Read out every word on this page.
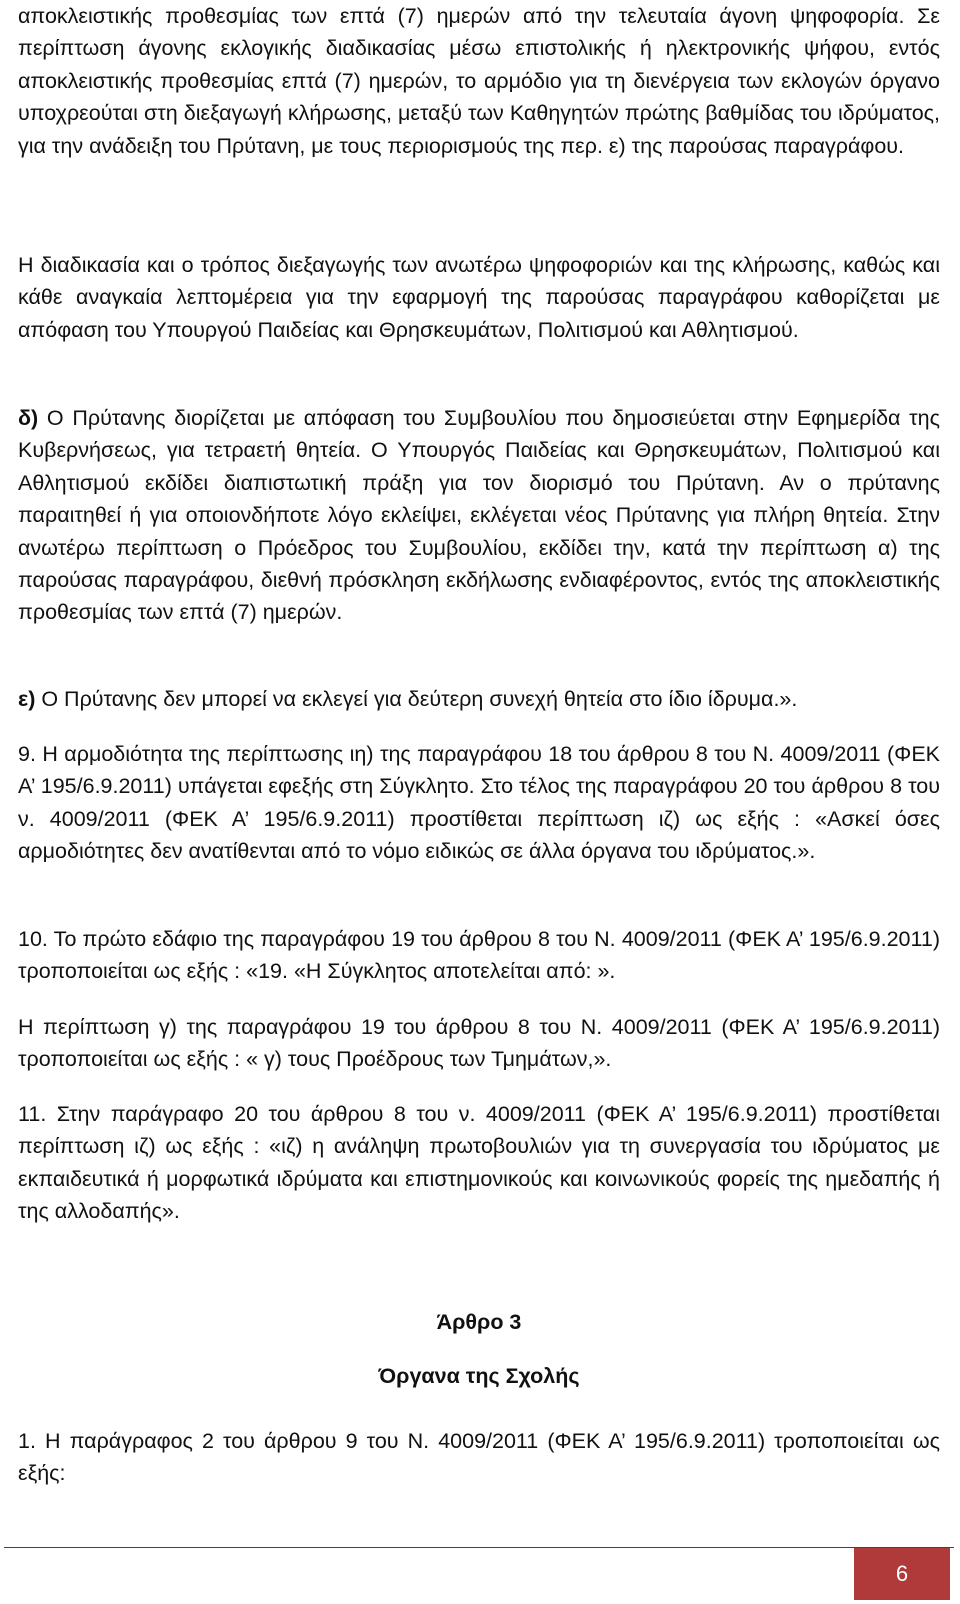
αποκλειστικής προθεσμίας των επτά (7) ημερών από την τελευταία άγονη ψηφοφορία. Σε περίπτωση άγονης εκλογικής διαδικασίας μέσω επιστολικής ή ηλεκτρονικής ψήφου, εντός αποκλειστικής προθεσμίας επτά (7) ημερών, το αρμόδιο για τη διενέργεια των εκλογών όργανο υποχρεούται στη διεξαγωγή κλήρωσης, μεταξύ των Καθηγητών πρώτης βαθμίδας του ιδρύματος, για την ανάδειξη του Πρύτανη, με τους περιορισμούς της περ. ε) της παρούσας παραγράφου.

Η διαδικασία και ο τρόπος διεξαγωγής των ανωτέρω ψηφοφοριών και της κλήρωσης, καθώς και κάθε αναγκαία λεπτομέρεια για την εφαρμογή της παρούσας παραγράφου καθορίζεται με απόφαση του Υπουργού Παιδείας και Θρησκευμάτων, Πολιτισμού και Αθλητισμού.

δ) Ο Πρύτανης διορίζεται με απόφαση του Συμβουλίου που δημοσιεύεται στην Εφημερίδα της Κυβερνήσεως, για τετραετή θητεία. Ο Υπουργός Παιδείας και Θρησκευμάτων, Πολιτισμού και Αθλητισμού εκδίδει διαπιστωτική πράξη για τον διορισμό του Πρύτανη. Αν ο πρύτανης παραιτηθεί ή για οποιονδήποτε λόγο εκλείψει, εκλέγεται νέος Πρύτανης για πλήρη θητεία. Στην ανωτέρω περίπτωση ο Πρόεδρος του Συμβουλίου, εκδίδει την, κατά την περίπτωση α) της παρούσας παραγράφου, διεθνή πρόσκληση εκδήλωσης ενδιαφέροντος, εντός της αποκλειστικής προθεσμίας των επτά (7) ημερών.

ε) Ο Πρύτανης δεν μπορεί να εκλεγεί για δεύτερη συνεχή θητεία στο ίδιο ίδρυμα.».

9. Η αρμοδιότητα της περίπτωσης ιη) της παραγράφου 18 του άρθρου 8 του Ν. 4009/2011 (ΦΕΚ Α’ 195/6.9.2011) υπάγεται εφεξής στη Σύγκλητο. Στο τέλος της παραγράφου 20 του άρθρου 8 του ν. 4009/2011 (ΦΕΚ Α’ 195/6.9.2011) προστίθεται περίπτωση ιζ) ως εξής : «Ασκεί όσες αρμοδιότητες δεν ανατίθενται από το νόμο ειδικώς σε άλλα όργανα του ιδρύματος.».

10. Το πρώτο εδάφιο της παραγράφου 19 του άρθρου 8 του Ν. 4009/2011 (ΦΕΚ Α’ 195/6.9.2011) τροποποιείται ως εξής : «19. «Η Σύγκλητος αποτελείται από: ».

Η περίπτωση γ) της παραγράφου 19 του άρθρου 8 του Ν. 4009/2011 (ΦΕΚ Α’ 195/6.9.2011) τροποποιείται ως εξής : « γ) τους Προέδρους των Τμημάτων,».

11. Στην παράγραφο 20 του άρθρου 8 του ν. 4009/2011 (ΦΕΚ Α’ 195/6.9.2011) προστίθεται περίπτωση ιζ) ως εξής : «ιζ) η ανάληψη πρωτοβουλιών για τη συνεργασία του ιδρύματος με εκπαιδευτικά ή μορφωτικά ιδρύματα και επιστημονικούς και κοινωνικούς φορείς της ημεδαπής ή της αλλοδαπής».

Άρθρο 3
Όργανα της Σχολής

1. Η παράγραφος 2 του άρθρου 9 του Ν. 4009/2011 (ΦΕΚ Α’ 195/6.9.2011) τροποποιείται ως εξής:

6
